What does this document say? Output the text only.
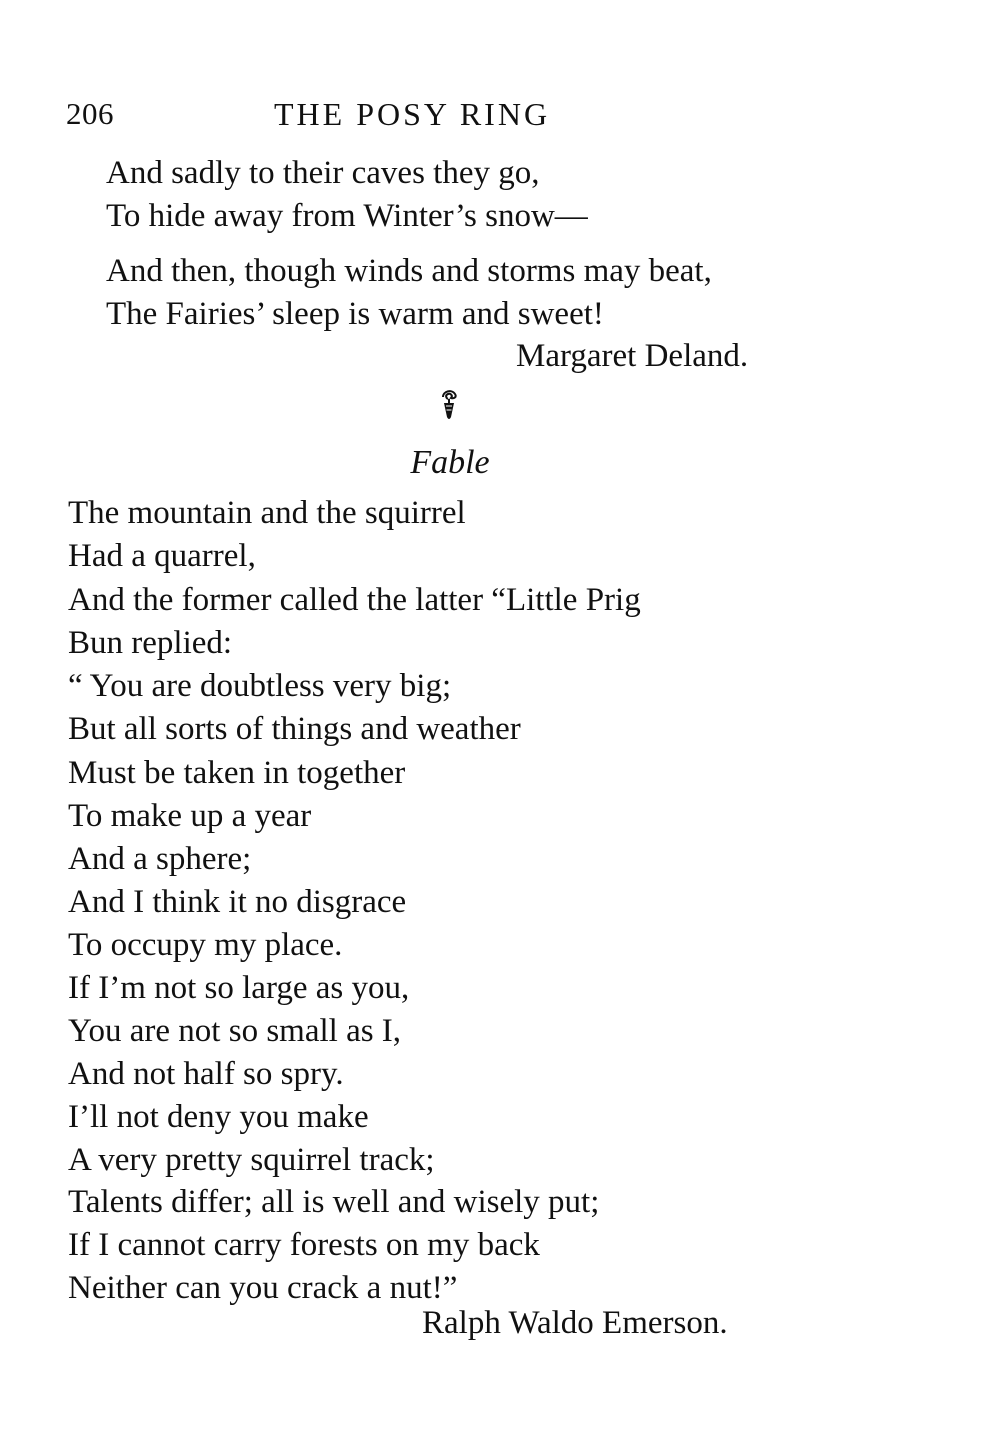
206	THE POSY RING
And sadly to their caves they go,
To hide away from Winter’s snow—
And then, though winds and storms may beat,
The Fairies’ sleep is warm and sweet!
Margaret Deland.
Fable
The mountain and the squirrel
Had a quarrel,
And the former called the latter “Little Prig
Bun replied:
“ You are doubtless very big;
But all sorts of things and weather
Must be taken in together
To make up a year
And a sphere;
And I think it no disgrace
To occupy my place.
If I’m not so large as you,
You are not so small as I,
And not half so spry.
I’ll not deny you make
A very pretty squirrel track;
Talents differ; all is well and wisely put;
If I cannot carry forests on my back
Neither can you crack a nut!”
Ralph Waldo Emerson.
